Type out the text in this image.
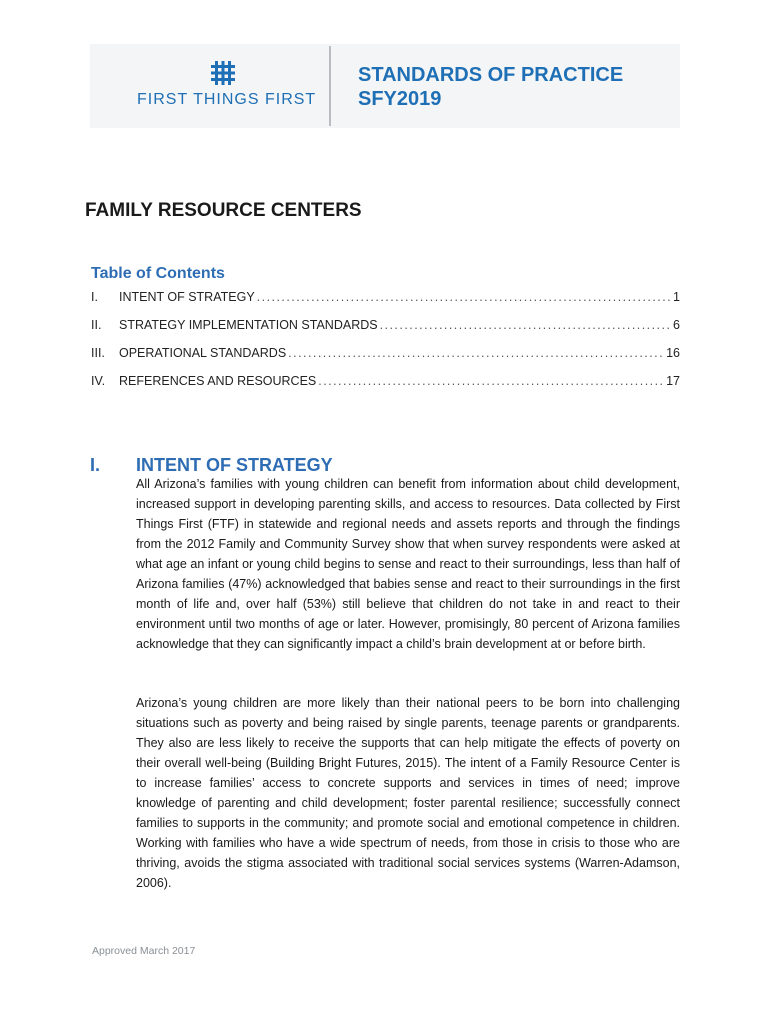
FIRST THINGS FIRST
STANDARDS OF PRACTICE
SFY2019
FAMILY RESOURCE CENTERS
Table of Contents
I.	INTENT OF STRATEGY . . .	1
II.	STRATEGY IMPLEMENTATION STANDARDS . . .	6
III.	OPERATIONAL STANDARDS . . .	16
IV.	REFERENCES AND RESOURCES . . .	17
I. INTENT OF STRATEGY

All Arizona’s families with young children can benefit from information about child development, increased support in developing parenting skills, and access to resources. Data collected by First Things First (FTF) in statewide and regional needs and assets reports and through the findings from the 2012 Family and Community Survey show that when survey respondents were asked at what age an infant or young child begins to sense and react to their surroundings, less than half of Arizona families (47%) acknowledged that babies sense and react to their surroundings in the first month of life and, over half (53%) still believe that children do not take in and react to their environment until two months of age or later. However, promisingly, 80 percent of Arizona families acknowledge that they can significantly impact a child’s brain development at or before birth.

Arizona’s young children are more likely than their national peers to be born into challenging situations such as poverty and being raised by single parents, teenage parents or grandparents. They also are less likely to receive the supports that can help mitigate the effects of poverty on their overall well-being (Building Bright Futures, 2015). The intent of a Family Resource Center is to increase families’ access to concrete supports and services in times of need; improve knowledge of parenting and child development; foster parental resilience; successfully connect families to supports in the community; and promote social and emotional competence in children. Working with families who have a wide spectrum of needs, from those in crisis to those who are thriving, avoids the stigma associated with traditional social services systems (Warren-Adamson, 2006).

Approved March 2017
